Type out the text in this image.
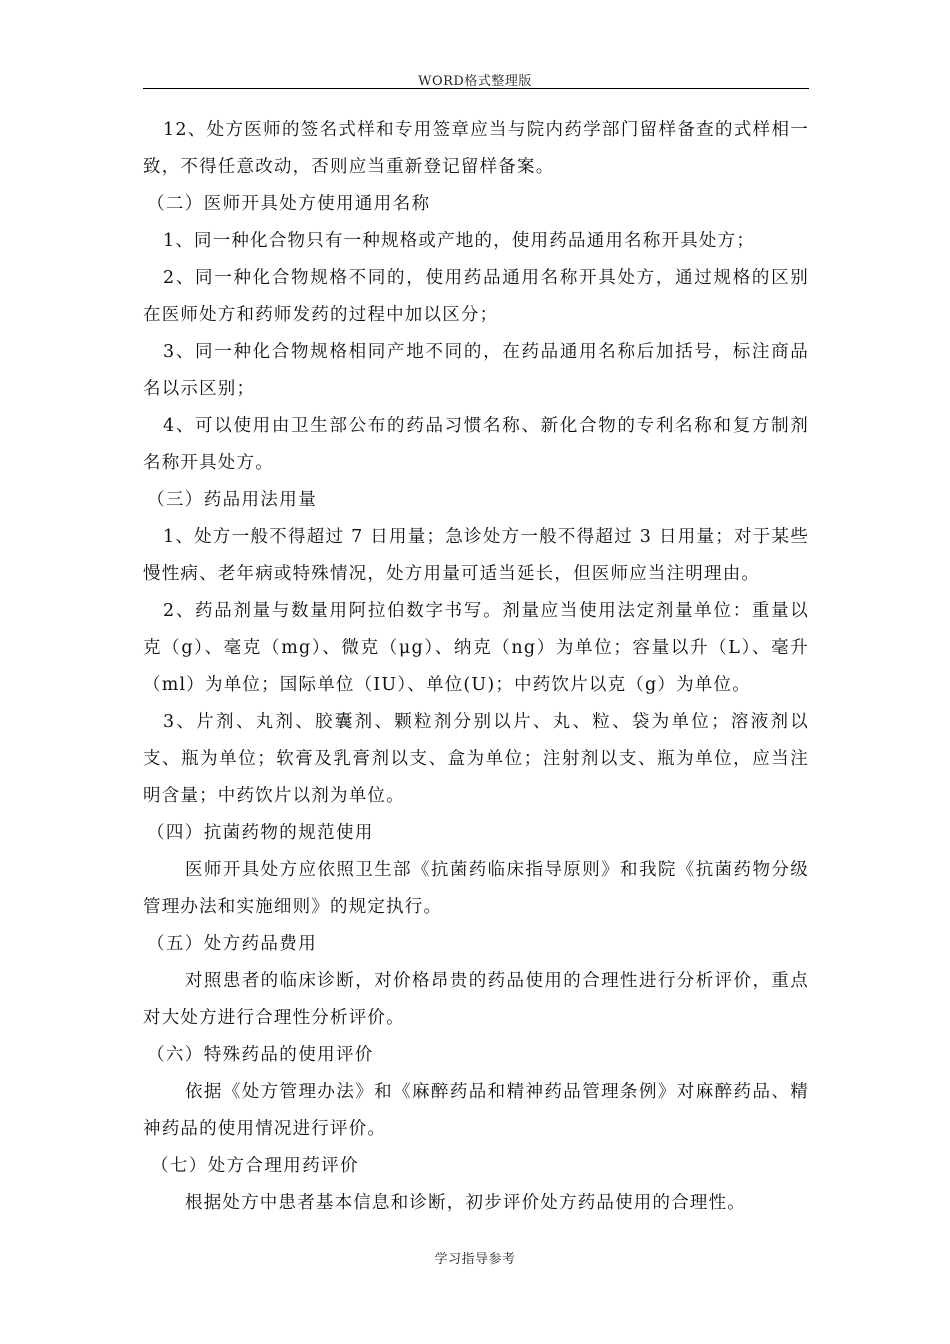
WORD格式整理版
12、处方医师的签名式样和专用签章应当与院内药学部门留样备查的式样相一致，不得任意改动，否则应当重新登记留样备案。
（二）医师开具处方使用通用名称
1、同一种化合物只有一种规格或产地的，使用药品通用名称开具处方；
2、同一种化合物规格不同的，使用药品通用名称开具处方，通过规格的区别在医师处方和药师发药的过程中加以区分；
3、同一种化合物规格相同产地不同的，在药品通用名称后加括号，标注商品名以示区别；
4、可以使用由卫生部公布的药品习惯名称、新化合物的专利名称和复方制剂名称开具处方。
（三）药品用法用量
1、处方一般不得超过 7 日用量；急诊处方一般不得超过 3 日用量；对于某些慢性病、老年病或特殊情况，处方用量可适当延长，但医师应当注明理由。
2、药品剂量与数量用阿拉伯数字书写。剂量应当使用法定剂量单位：重量以克（g）、毫克（mg）、微克（μg）、纳克（ng）为单位；容量以升（L）、毫升（ml）为单位；国际单位（IU）、单位(U)；中药饮片以克（g）为单位。
3、片剂、丸剂、胶囊剂、颗粒剂分别以片、丸、粒、袋为单位；溶液剂以支、瓶为单位；软膏及乳膏剂以支、盒为单位；注射剂以支、瓶为单位，应当注明含量；中药饮片以剂为单位。
（四）抗菌药物的规范使用
医师开具处方应依照卫生部《抗菌药临床指导原则》和我院《抗菌药物分级管理办法和实施细则》的规定执行。
（五）处方药品费用
对照患者的临床诊断，对价格昂贵的药品使用的合理性进行分析评价，重点对大处方进行合理性分析评价。
（六）特殊药品的使用评价
依据《处方管理办法》和《麻醉药品和精神药品管理条例》对麻醉药品、精神药品的使用情况进行评价。
（七）处方合理用药评价
根据处方中患者基本信息和诊断，初步评价处方药品使用的合理性。
学习指导参考
